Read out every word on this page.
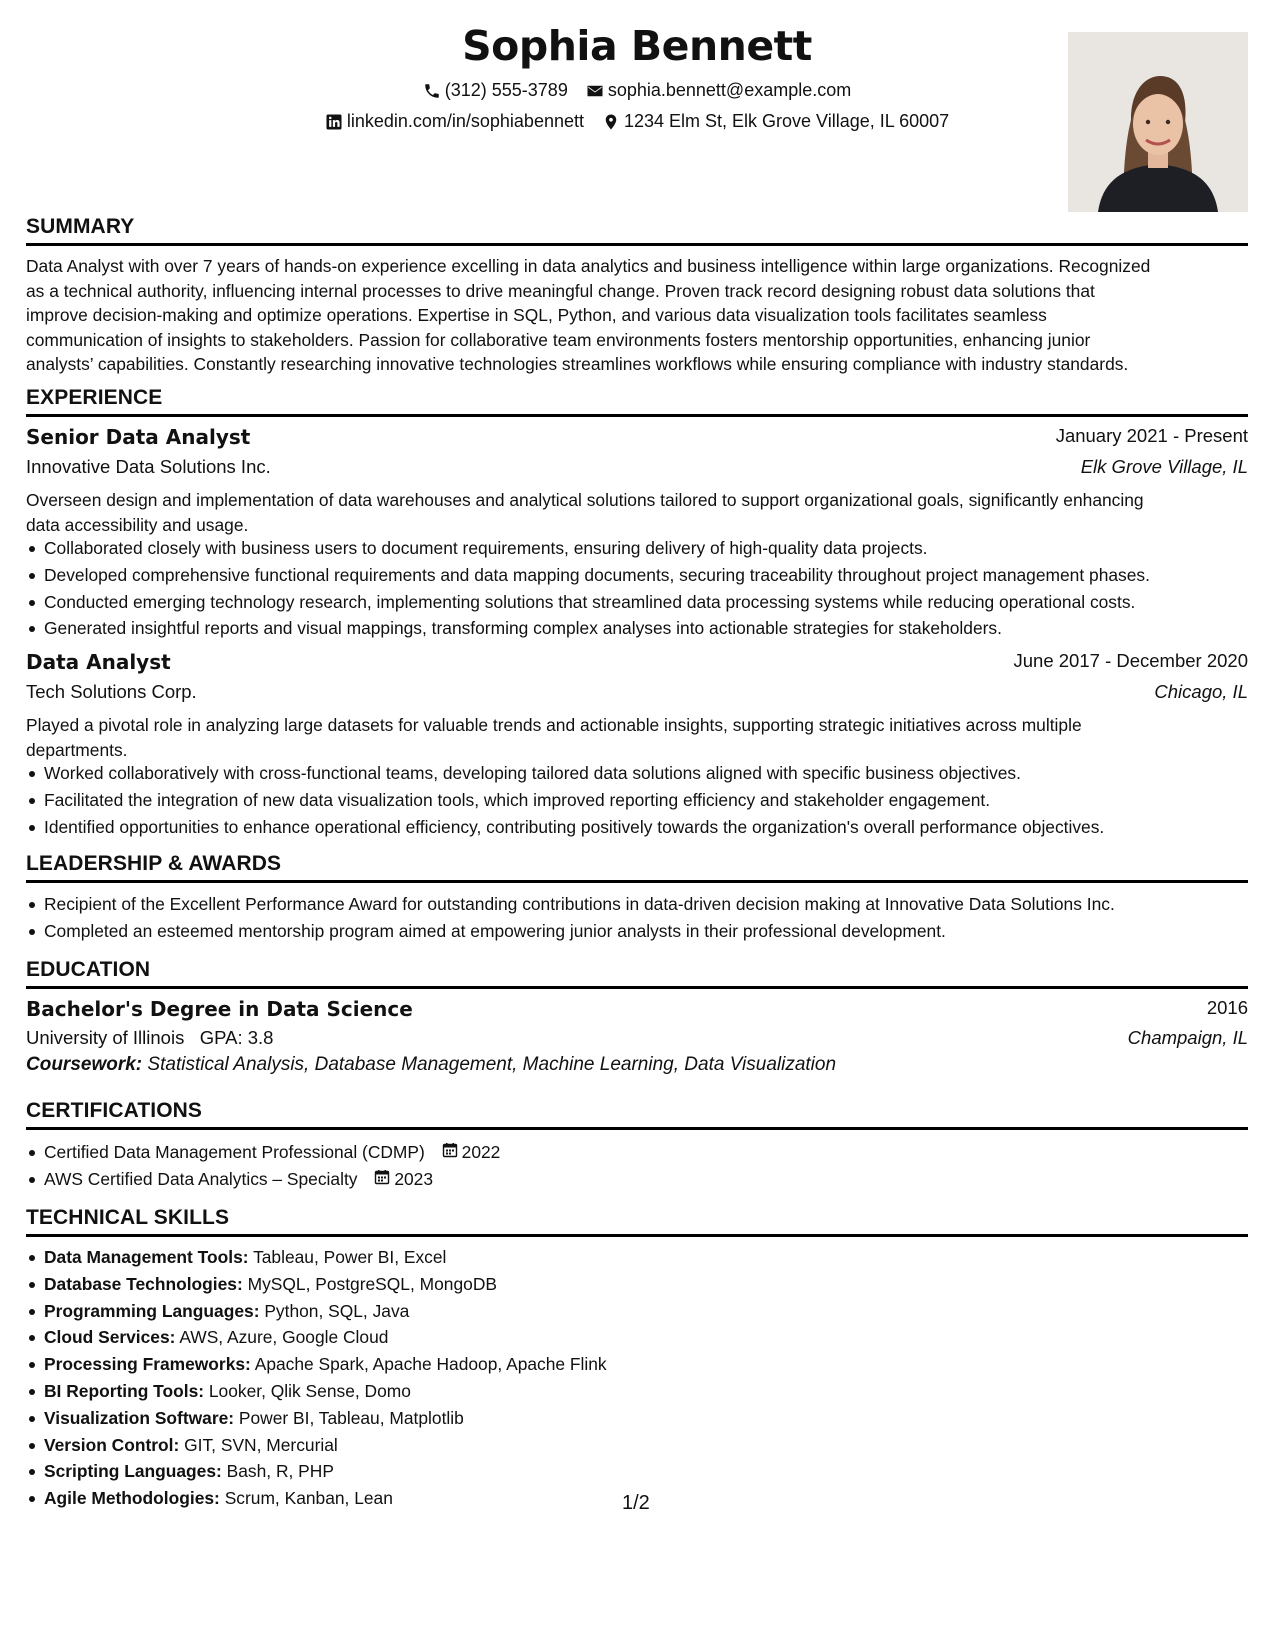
Sophia Bennett
(312) 555-3789 sophia.bennett@example.com
linkedin.com/in/sophiabennett 1234 Elm St, Elk Grove Village, IL 60007
SUMMARY
Data Analyst with over 7 years of hands-on experience excelling in data analytics and business intelligence within large organizations. Recognized
as a technical authority, influencing internal processes to drive meaningful change. Proven track record designing robust data solutions that
improve decision-making and optimize operations. Expertise in SQL, Python, and various data visualization tools facilitates seamless
communication of insights to stakeholders. Passion for collaborative team environments fosters mentorship opportunities, enhancing junior
analysts’ capabilities. Constantly researching innovative technologies streamlines workflows while ensuring compliance with industry standards.
EXPERIENCE
Senior Data Analyst	January 2021 - Present
Innovative Data Solutions Inc.	Elk Grove Village, IL
Overseen design and implementation of data warehouses and analytical solutions tailored to support organizational goals, significantly enhancing
data accessibility and usage.
Collaborated closely with business users to document requirements, ensuring delivery of high-quality data projects.
Developed comprehensive functional requirements and data mapping documents, securing traceability throughout project management phases.
Conducted emerging technology research, implementing solutions that streamlined data processing systems while reducing operational costs.
Generated insightful reports and visual mappings, transforming complex analyses into actionable strategies for stakeholders.
Data Analyst	June 2017 - December 2020
Tech Solutions Corp.	Chicago, IL
Played a pivotal role in analyzing large datasets for valuable trends and actionable insights, supporting strategic initiatives across multiple
departments.
Worked collaboratively with cross-functional teams, developing tailored data solutions aligned with specific business objectives.
Facilitated the integration of new data visualization tools, which improved reporting efficiency and stakeholder engagement.
Identified opportunities to enhance operational efficiency, contributing positively towards the organization's overall performance objectives.
LEADERSHIP & AWARDS
Recipient of the Excellent Performance Award for outstanding contributions in data-driven decision making at Innovative Data Solutions Inc.
Completed an esteemed mentorship program aimed at empowering junior analysts in their professional development.
EDUCATION
Bachelor's Degree in Data Science	2016
University of Illinois GPA: 3.8	Champaign, IL
Coursework: Statistical Analysis, Database Management, Machine Learning, Data Visualization
CERTIFICATIONS
Certified Data Management Professional (CDMP) 2022
AWS Certified Data Analytics – Specialty 2023
TECHNICAL SKILLS
Data Management Tools: Tableau, Power BI, Excel
Database Technologies: MySQL, PostgreSQL, MongoDB
Programming Languages: Python, SQL, Java
Cloud Services: AWS, Azure, Google Cloud
Processing Frameworks: Apache Spark, Apache Hadoop, Apache Flink
BI Reporting Tools: Looker, Qlik Sense, Domo
Visualization Software: Power BI, Tableau, Matplotlib
Version Control: GIT, SVN, Mercurial
Scripting Languages: Bash, R, PHP
Agile Methodologies: Scrum, Kanban, Lean	1/2
